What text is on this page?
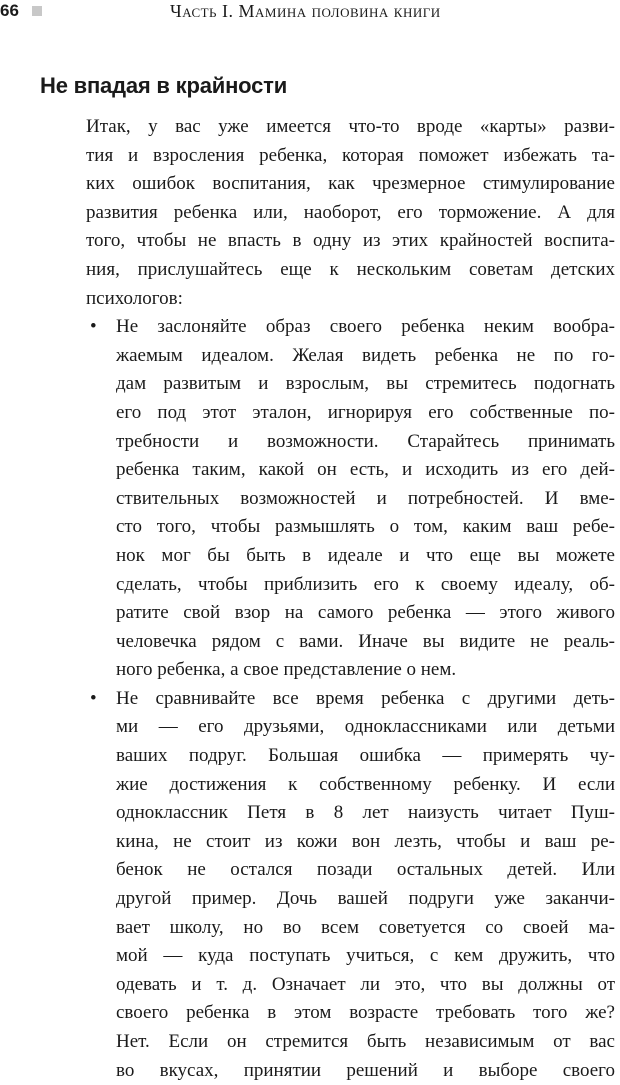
66	Часть I. Мамина половина книги
Не впадая в крайности

Итак, у вас уже имеется что-то вроде «карты» разви-
тия и взросления ребенка, которая поможет избежать та-
ких ошибок воспитания, как чрезмерное стимулирование
развития ребенка или, наоборот, его торможение. А для
того, чтобы не впасть в одну из этих крайностей воспита-
ния, прислушайтесь еще к нескольким советам детских
психологов:

• Не заслоняйте образ своего ребенка неким вообра-
жаемым идеалом. Желая видеть ребенка не по го-
дам развитым и взрослым, вы стремитесь подогнать
его под этот эталон, игнорируя его собственные по-
требности и возможности. Старайтесь принимать
ребенка таким, какой он есть, и исходить из его дей-
ствительных возможностей и потребностей. И вме-
сто того, чтобы размышлять о том, каким ваш ребе-
нок мог бы быть в идеале и что еще вы можете
сделать, чтобы приблизить его к своему идеалу, об-
ратите свой взор на самого ребенка — этого живого
человечка рядом с вами. Иначе вы видите не реаль-
ного ребенка, а свое представление о нем.
• Не сравнивайте все время ребенка с другими деть-
ми — его друзьями, одноклассниками или детьми
ваших подруг. Большая ошибка — примерять чу-
жие достижения к собственному ребенку. И если
одноклассник Петя в 8 лет наизусть читает Пуш-
кина, не стоит из кожи вон лезть, чтобы и ваш ре-
бенок не остался позади остальных детей. Или
другой пример. Дочь вашей подруги уже заканчи-
вает школу, но во всем советуется со своей ма-
мой — куда поступать учиться, с кем дружить, что
одевать и т. д. Означает ли это, что вы должны от
своего ребенка в этом возрасте требовать того же?
Нет. Если он стремится быть независимым от вас
во вкусах, принятии решений и выборе своего
